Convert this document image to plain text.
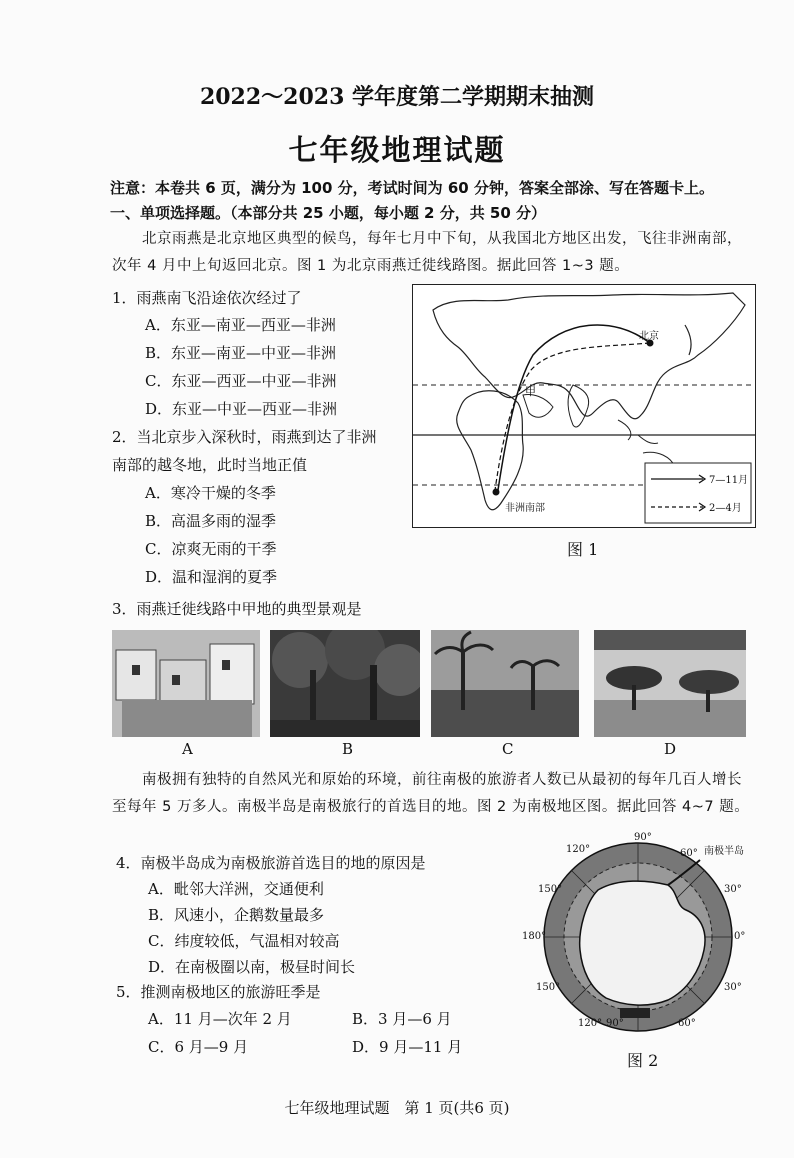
2022～2023 学年度第二学期期末抽测
七年级地理试题
注意：本卷共 6 页，满分为 100 分，考试时间为 60 分钟，答案全部涂、写在答题卡上。
一、单项选择题。（本部分共 25 小题，每小题 2 分，共 50 分）
北京雨燕是北京地区典型的候鸟，每年七月中下旬，从我国北方地区出发，飞往非洲南部，次年 4 月中上旬返回北京。图 1 为北京雨燕迁徙线路图。据此回答 1~3 题。
1．雨燕南飞沿途依次经过了
A．东亚—南亚—西亚—非洲
B．东亚—南亚—中亚—非洲
C．东亚—西亚—中亚—非洲
D．东亚—中亚—西亚—非洲
2．当北京步入深秋时，雨燕到达了非洲
南部的越冬地，此时当地正值
A．寒冷干燥的冬季
B．高温多雨的湿季
C．凉爽无雨的干季
D．温和湿润的夏季
北京
甲
非洲南部
7—11月
2—4月
图 1
3．雨燕迁徙线路中甲地的典型景观是
A	B	C	D
南极拥有独特的自然风光和原始的环境，前往南极的旅游者人数已从最初的每年几百人增长至每年 5 万多人。南极半岛是南极旅行的首选目的地。图 2 为南极地区图。据此回答 4~7 题。
4．南极半岛成为南极旅游首选目的地的原因是
A．毗邻大洋洲，交通便利
B．风速小，企鹅数量最多
C．纬度较低，气温相对较高
D．在南极圈以南，极昼时间长
5．推测南极地区的旅游旺季是
A．11 月—次年 2 月	B．3 月—6 月
C．6 月—9 月	D．9 月—11 月
90°
120°	60° 南极半岛
150°	30°
180°	0°
150°	30°
120° 90°	60°
图 2
七年级地理试题　第 1 页(共6 页)
